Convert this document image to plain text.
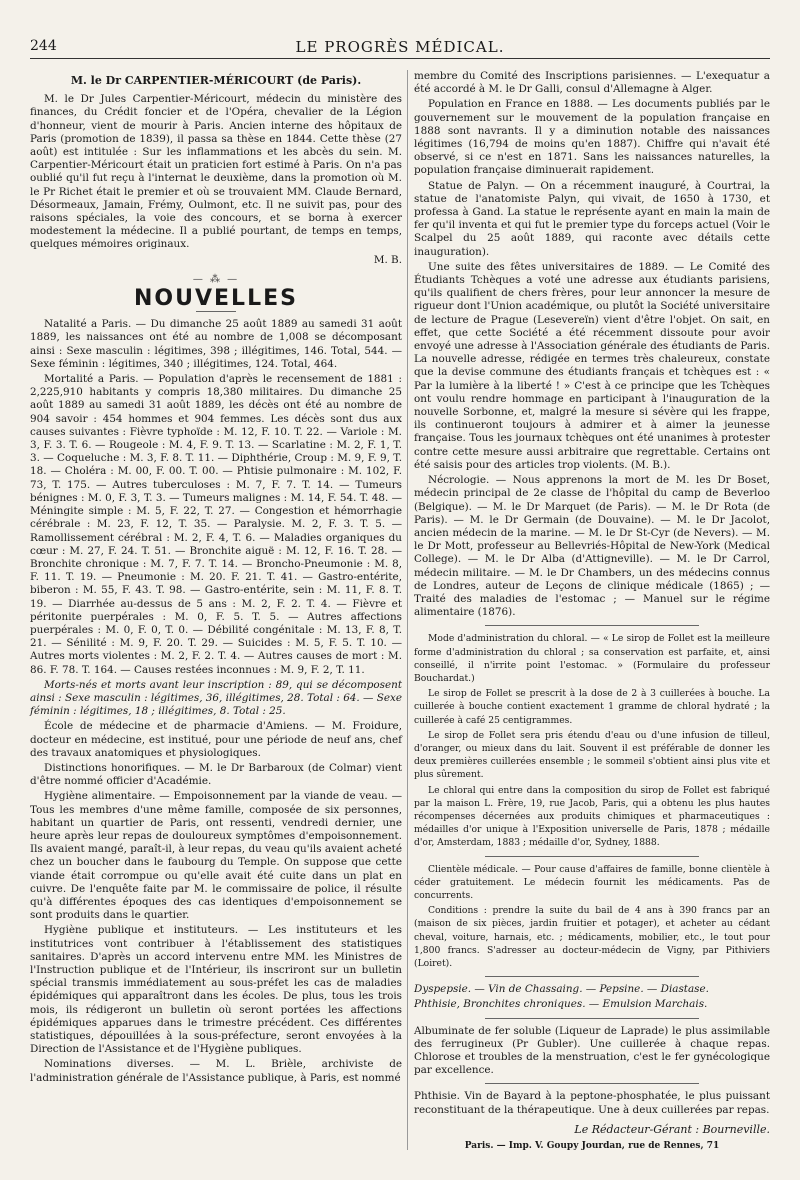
244	LE PROGRÈS MÉDICAL.
M. le Dr CARPENTIER-MÉRICOURT (de Paris).

M. le Dr Jules Carpentier-Méricourt, médecin du ministère des finances, du Crédit foncier et de l'Opéra, chevalier de la Légion d'honneur, vient de mourir à Paris. Ancien interne des hôpitaux de Paris (promotion de 1839), il passa sa thèse en 1844. Cette thèse (27 août) est intitulée : Sur les inflammations et les abcès du sein. M. Carpentier-Méricourt était un praticien fort estimé à Paris. On n'a pas oublié qu'il fut reçu à l'internat le deuxième, dans la promotion où M. le Pr Richet était le premier et où se trouvaient MM. Claude Bernard, Désormeaux, Jamain, Frémy, Oulmont, etc. Il ne suivit pas, pour des raisons spéciales, la voie des concours, et se borna à exercer modestement la médecine. Il a publié pourtant, de temps en temps, quelques mémoires originaux.

M. B.
— ⁂ —
NOUVELLES

Natalité a Paris. — Du dimanche 25 août 1889 au samedi 31 août 1889, les naissances ont été au nombre de 1,008 se décomposant ainsi : Sexe masculin : légitimes, 398 ; illégitimes, 146. Total, 544. — Sexe féminin : légitimes, 340 ; illégitimes, 124. Total, 464.

Mortalité a Paris. — Population d'après le recensement de 1881 : 2,225,910 habitants y compris 18,380 militaires. Du dimanche 25 août 1889 au samedi 31 août 1889, les décès ont été au nombre de 904 savoir : 454 hommes et 904 femmes. Les décès sont dus aux causes suivantes : Fièvre typhoïde : M. 12, F. 10. T. 22. — Variole : M. 3, F. 3. T. 6. — Rougeole : M. 4, F. 9. T. 13. — Scarlatine : M. 2, F. 1, T. 3. — Coqueluche : M. 3, F. 8. T. 11. — Diphthérie, Croup : M. 9, F. 9, T. 18. — Choléra : M. 00, F. 00. T. 00. — Phtisie pulmonaire : M. 102, F. 73, T. 175. — Autres tuberculoses : M. 7, F. 7. T. 14. — Tumeurs bénignes : M. 0, F. 3, T. 3. — Tumeurs malignes : M. 14, F. 54. T. 48. — Méningite simple : M. 5, F. 22, T. 27. — Congestion et hémorrhagie cérébrale : M. 23, F. 12, T. 35. — Paralysie. M. 2, F. 3. T. 5. — Ramollissement cérébral : M. 2, F. 4, T. 6. — Maladies organiques du cœur : M. 27, F. 24. T. 51. — Bronchite aiguë : M. 12, F. 16. T. 28. — Bronchite chronique : M. 7, F. 7. T. 14. — Broncho-Pneumonie : M. 8, F. 11. T. 19. — Pneumonie : M. 20. F. 21. T. 41. — Gastro-entérite, biberon : M. 55, F. 43. T. 98. — Gastro-entérite, sein : M. 11, F. 8. T. 19. — Diarrhée au-dessus de 5 ans : M. 2, F. 2. T. 4. — Fièvre et péritonite puerpérales : M. 0, F. 5. T. 5. — Autres affections puerpérales : M. 0, F. 0, T. 0. — Débilité congénitale : M. 13, F. 8, T. 21. — Sénilité : M. 9, F. 20. T. 29. — Suicides : M. 5, F. 5. T. 10. — Autres morts violentes : M. 2, F. 2. T. 4. — Autres causes de mort : M. 86. F. 78. T. 164. — Causes restées inconnues : M. 9, F. 2, T. 11.

Morts-nés et morts avant leur inscription : 89, qui se décomposent ainsi : Sexe masculin : légitimes, 36, illégitimes, 28. Total : 64. — Sexe féminin : légitimes, 18 ; illégitimes, 8. Total : 25.

École de médecine et de pharmacie d'Amiens. — M. Froidure, docteur en médecine, est institué, pour une période de neuf ans, chef des travaux anatomiques et physiologiques.

Distinctions honorifiques. — M. le Dr Barbaroux (de Colmar) vient d'être nommé officier d'Académie.

Hygiène alimentaire. — Empoisonnement par la viande de veau. — Tous les membres d'une même famille, composée de six personnes, habitant un quartier de Paris, ont ressenti, vendredi dernier, une heure après leur repas de douloureux symptômes d'empoisonnement. Ils avaient mangé, paraît-il, à leur repas, du veau qu'ils avaient acheté chez un boucher dans le faubourg du Temple. On suppose que cette viande était corrompue ou qu'elle avait été cuite dans un plat en cuivre. De l'enquête faite par M. le commissaire de police, il résulte qu'à différentes époques des cas identiques d'empoisonnement se sont produits dans le quartier.

Hygiène publique et instituteurs. — Les instituteurs et les institutrices vont contribuer à l'établissement des statistiques sanitaires. D'après un accord intervenu entre MM. les Ministres de l'Instruction publique et de l'Intérieur, ils inscriront sur un bulletin spécial transmis immédiatement au sous-préfet les cas de maladies épidémiques qui apparaîtront dans les écoles. De plus, tous les trois mois, ils rédigeront un bulletin où seront portées les affections épidémiques apparues dans le trimestre précédent. Ces différentes statistiques, dépouillées à la sous-préfecture, seront envoyées à la Direction de l'Assistance et de l'Hygiène publiques.

Nominations diverses. — M. L. Brièle, archiviste de l'administration générale de l'Assistance publique, à Paris, est nommé

membre du Comité des Inscriptions parisiennes. — L'exequatur a été accordé à M. le Dr Galli, consul d'Allemagne à Alger.

Population en France en 1888. — Les documents publiés par le gouvernement sur le mouvement de la population française en 1888 sont navrants. Il y a diminution notable des naissances légitimes (16,794 de moins qu'en 1887). Chiffre qui n'avait été observé, si ce n'est en 1871. Sans les naissances naturelles, la population française diminuerait rapidement.

Statue de Palyn. — On a récemment inauguré, à Courtrai, la statue de l'anatomiste Palyn, qui vivait, de 1650 à 1730, et professa à Gand. La statue le représente ayant en main la main de fer qu'il inventa et qui fut le premier type du forceps actuel (Voir le Scalpel du 25 août 1889, qui raconte avec détails cette inauguration).

Une suite des fêtes universitaires de 1889. — Le Comité des Étudiants Tchèques a voté une adresse aux étudiants parisiens, qu'ils qualifient de chers frères, pour leur annoncer la mesure de rigueur dont l'Union académique, ou plutôt la Société universitaire de lecture de Prague (Lesevereïn) vient d'être l'objet. On sait, en effet, que cette Société a été récemment dissoute pour avoir envoyé une adresse à l'Association générale des étudiants de Paris. La nouvelle adresse, rédigée en termes très chaleureux, constate que la devise commune des étudiants français et tchèques est : « Par la lumière à la liberté ! » C'est à ce principe que les Tchèques ont voulu rendre hommage en participant à l'inauguration de la nouvelle Sorbonne, et, malgré la mesure si sévère qui les frappe, ils continueront toujours à admirer et à aimer la jeunesse française. Tous les journaux tchèques ont été unanimes à protester contre cette mesure aussi arbitraire que regrettable. Certains ont été saisis pour des articles trop violents. (M. B.).

Nécrologie. — Nous apprenons la mort de M. les Dr Boset, médecin principal de 2e classe de l'hôpital du camp de Beverloo (Belgique). — M. le Dr Marquet (de Paris). — M. le Dr Rota (de Paris). — M. le Dr Germain (de Douvaine). — M. le Dr Jacolot, ancien médecin de la marine. — M. le Dr St-Cyr (de Nevers). — M. le Dr Mott, professeur au Bellevriés-Hôpital de New-York (Medical College). — M. le Dr Alba (d'Attigneville). — M. le Dr Carrol, médecin militaire. — M. le Dr Chambers, un des médecins connus de Londres, auteur de Leçons de clinique médicale (1865) ; — Traité des maladies de l'estomac ; — Manuel sur le régime alimentaire (1876).

Mode d'administration du chloral. — « Le sirop de Follet est la meilleure forme d'administration du chloral ; sa conservation est parfaite, et, ainsi conseillé, il n'irrite point l'estomac. » (Formulaire du professeur Bouchardat.)

Le sirop de Follet se prescrit à la dose de 2 à 3 cuillerées à bouche. La cuillerée à bouche contient exactement 1 gramme de chloral hydraté ; la cuillerée à café 25 centigrammes.

Le sirop de Follet sera pris étendu d'eau ou d'une infusion de tilleul, d'oranger, ou mieux dans du lait. Souvent il est préférable de donner les deux premières cuillerées ensemble ; le sommeil s'obtient ainsi plus vite et plus sûrement.

Le chloral qui entre dans la composition du sirop de Follet est fabriqué par la maison L. Frère, 19, rue Jacob, Paris, qui a obtenu les plus hautes récompenses décernées aux produits chimiques et pharmaceutiques : médailles d'or unique à l'Exposition universelle de Paris, 1878 ; médaille d'or, Amsterdam, 1883 ; médaille d'or, Sydney, 1888.

Clientèle médicale. — Pour cause d'affaires de famille, bonne clientèle à céder gratuitement. Le médecin fournit les médicaments. Pas de concurrents.

Conditions : prendre la suite du bail de 4 ans à 390 francs par an (maison de six pièces, jardin fruitier et potager), et acheter au cédant cheval, voiture, harnais, etc. ; médicaments, mobilier, etc., le tout pour 1,800 francs. S'adresser au docteur-médecin de Vigny, par Pithiviers (Loiret).

Dyspepsie. — Vin de Chassaing. — Pepsine. — Diastase.

Phthisie, Bronchites chroniques. — Emulsion Marchais.

Albuminate de fer soluble (Liqueur de Laprade) le plus assimilable des ferrugineux (Pr Gubler). Une cuillerée à chaque repas. Chlorose et troubles de la menstruation, c'est le fer gynécologique par excellence.

Phthisie. Vin de Bayard à la peptone-phosphatée, le plus puissant reconstituant de la thérapeutique. Une à deux cuillerées par repas.

Le Rédacteur-Gérant : Bourneville.
Paris. — Imp. V. Goupy Jourdan, rue de Rennes, 71
